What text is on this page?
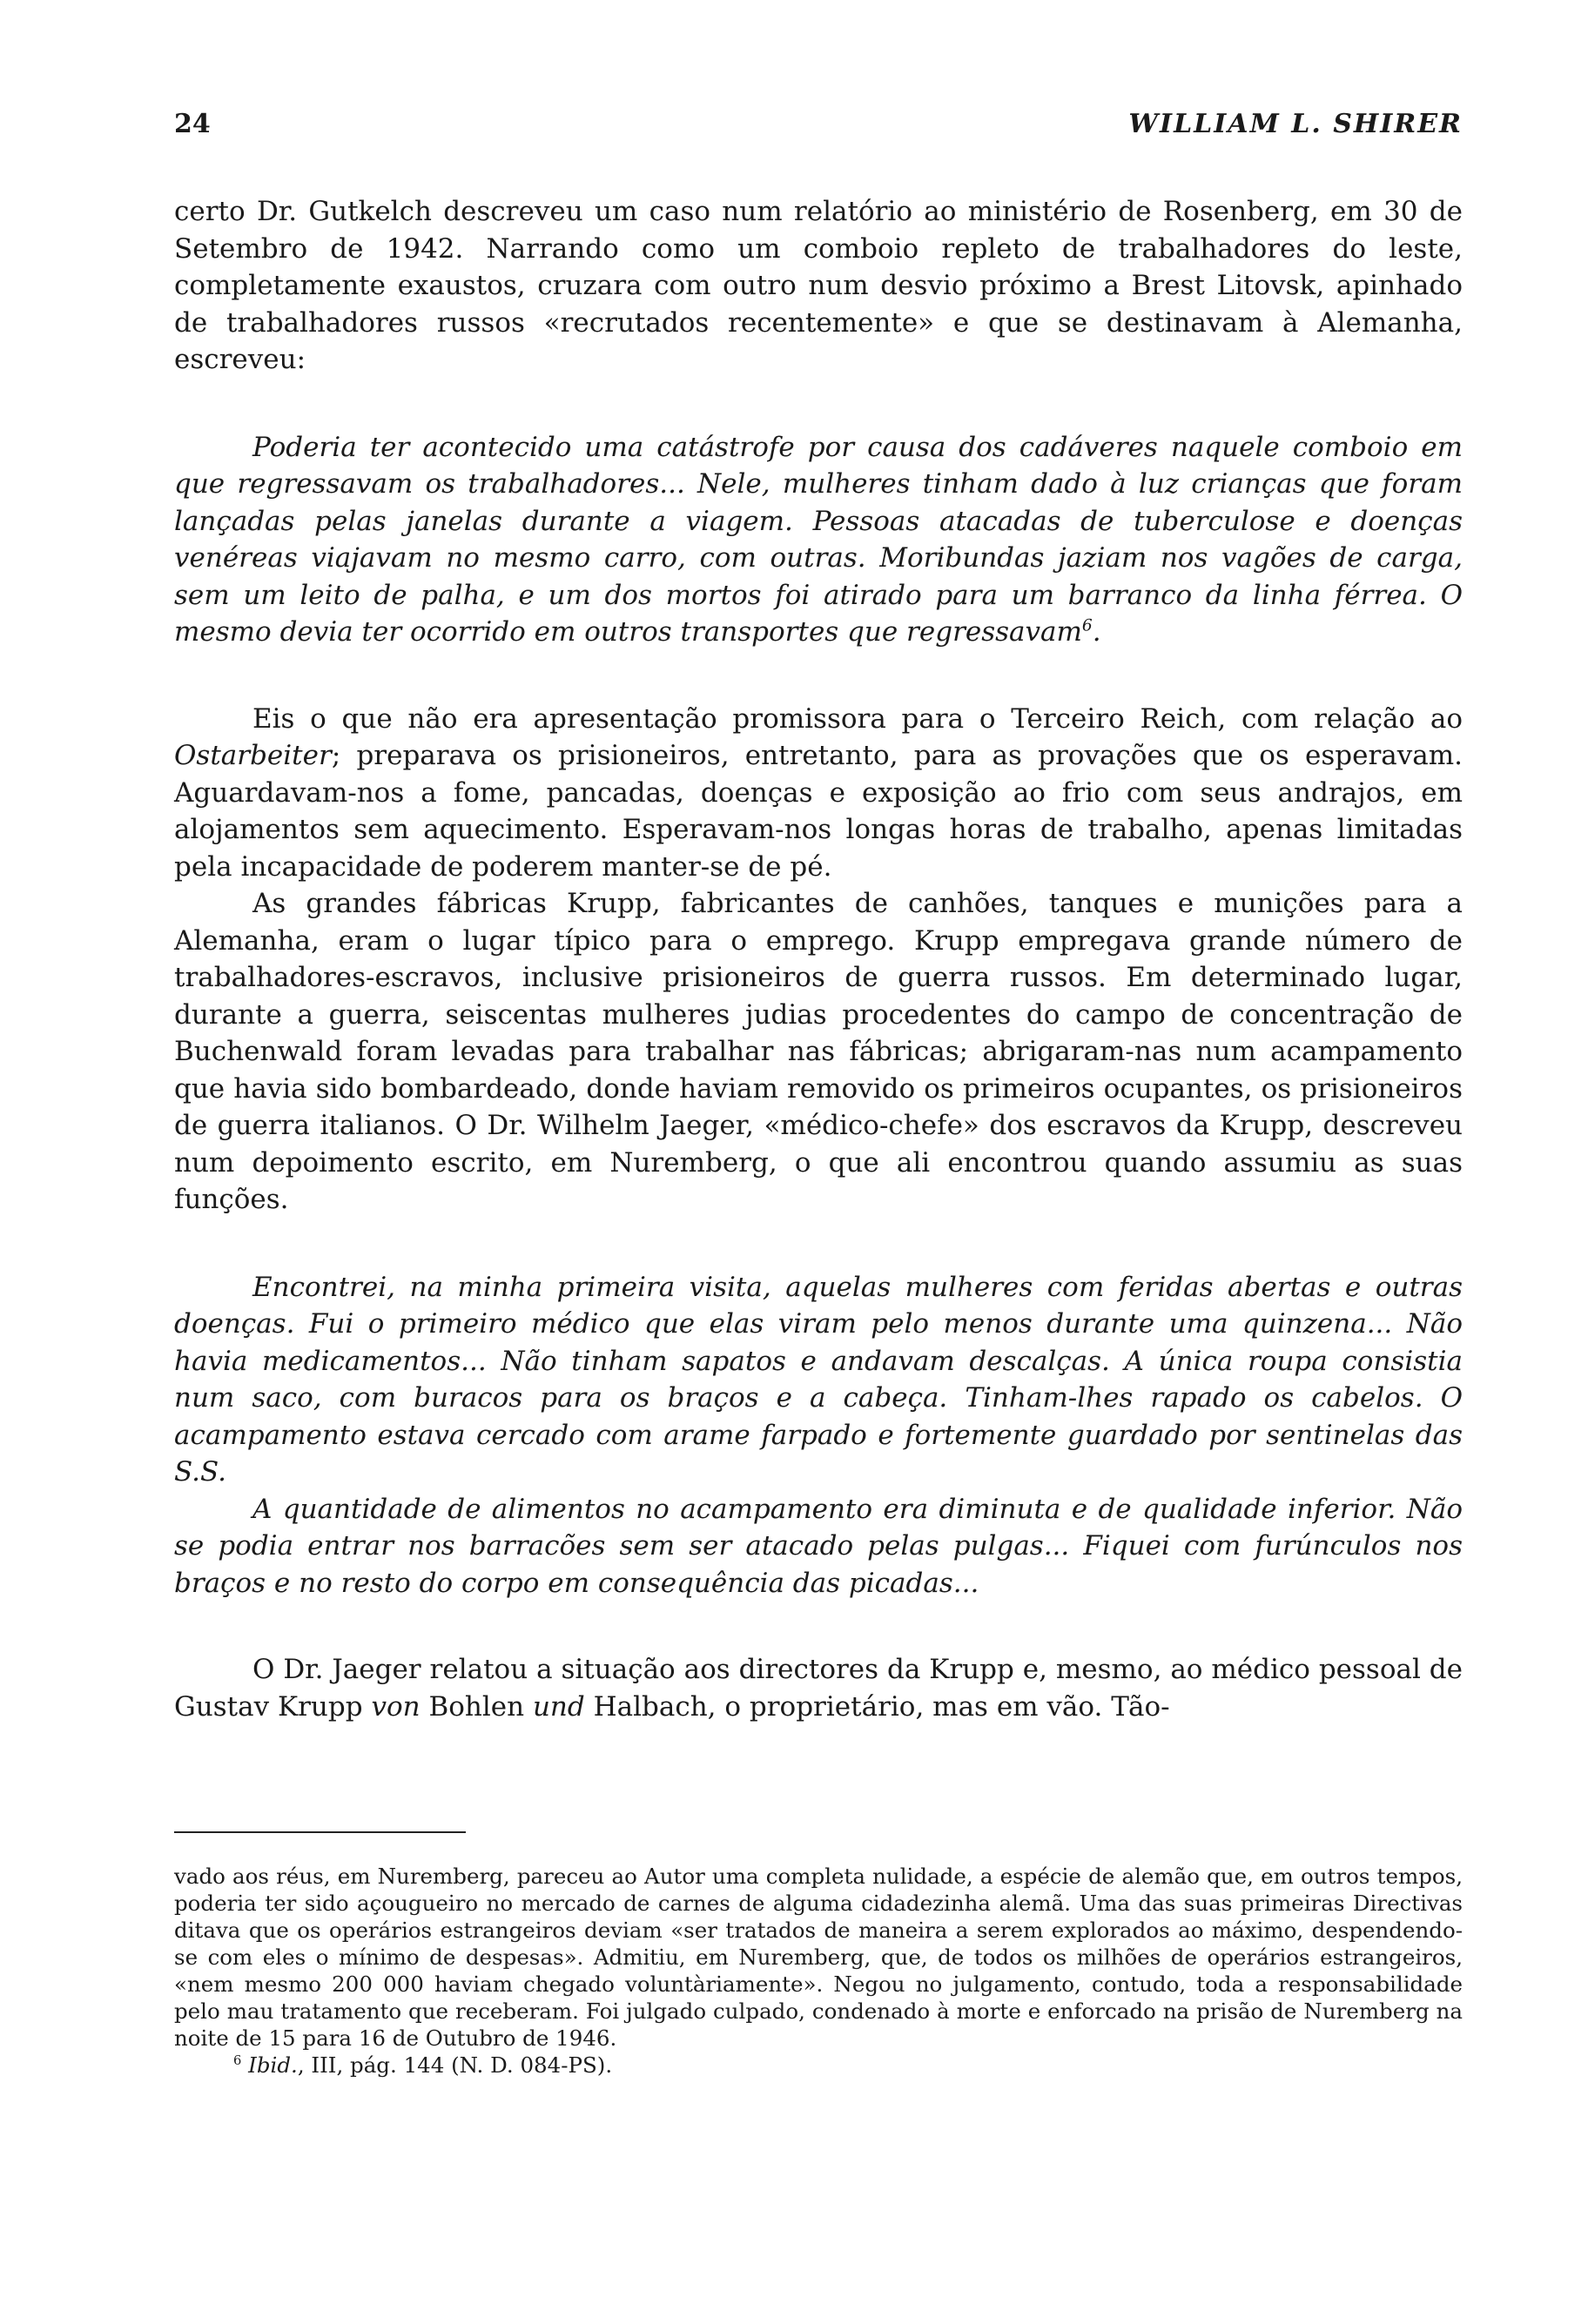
24	WILLIAM L. SHIRER

certo Dr. Gutkelch descreveu um caso num relatório ao ministério de Rosenberg, em 30 de Setembro de 1942. Narrando como um comboio repleto de trabalhadores do leste, completamente exaustos, cruzara com outro num desvio próximo a Brest Litovsk, apinhado de trabalhadores russos «recrutados recentemente» e que se destinavam à Alemanha, escreveu:

Poderia ter acontecido uma catástrofe por causa dos cadáveres naquele comboio em que regressavam os trabalhadores... Nele, mulheres tinham dado à luz crianças que foram lançadas pelas janelas durante a viagem. Pessoas atacadas de tuberculose e doenças venéreas viajavam no mesmo carro, com outras. Moribundas jaziam nos vagões de carga, sem um leito de palha, e um dos mortos foi atirado para um barranco da linha férrea. O mesmo devia ter ocorrido em outros transportes que regressavam$^6$.

Eis o que não era apresentação promissora para o Terceiro Reich, com relação ao Ostarbeiter; preparava os prisioneiros, entretanto, para as provações que os esperavam. Aguardavam-nos a fome, pancadas, doenças e exposição ao frio com seus andrajos, em alojamentos sem aquecimento. Esperavam-nos longas horas de trabalho, apenas limitadas pela incapacidade de poderem manter-se de pé.

As grandes fábricas Krupp, fabricantes de canhões, tanques e munições para a Alemanha, eram o lugar típico para o emprego. Krupp empregava grande número de trabalhadores-escravos, inclusive prisioneiros de guerra russos. Em determinado lugar, durante a guerra, seiscentas mulheres judias procedentes do campo de concentração de Buchenwald foram levadas para trabalhar nas fábricas; abrigaram-nas num acampamento que havia sido bombardeado, donde haviam removido os primeiros ocupantes, os prisioneiros de guerra italianos. O Dr. Wilhelm Jaeger, «médico-chefe» dos escravos da Krupp, descreveu num depoimento escrito, em Nuremberg, o que ali encontrou quando assumiu as suas funções.

Encontrei, na minha primeira visita, aquelas mulheres com feridas abertas e outras doenças. Fui o primeiro médico que elas viram pelo menos durante uma quinzena... Não havia medicamentos... Não tinham sapatos e andavam descalças. A única roupa consistia num saco, com buracos para os braços e a cabeça. Tinham-lhes rapado os cabelos. O acampamento estava cercado com arame farpado e fortemente guardado por sentinelas das S.S.

A quantidade de alimentos no acampamento era diminuta e de qualidade inferior. Não se podia entrar nos barracões sem ser atacado pelas pulgas... Fiquei com furúnculos nos braços e no resto do corpo em consequência das picadas...

O Dr. Jaeger relatou a situação aos directores da Krupp e, mesmo, ao médico pessoal de Gustav Krupp von Bohlen und Halbach, o proprietário, mas em vão. Tão-

vado aos réus, em Nuremberg, pareceu ao Autor uma completa nulidade, a espécie de alemão que, em outros tempos, poderia ter sido açougueiro no mercado de carnes de alguma cidadezinha alemã. Uma das suas primeiras Directivas ditava que os operários estrangeiros deviam «ser tratados de maneira a serem explorados ao máximo, despendendo-se com eles o mínimo de despesas». Admitiu, em Nuremberg, que, de todos os milhões de operários estrangeiros, «nem mesmo 200 000 haviam chegado voluntàriamente». Negou no julgamento, contudo, toda a responsabilidade pelo mau tratamento que receberam. Foi julgado culpado, condenado à morte e enforcado na prisão de Nuremberg na noite de 15 para 16 de Outubro de 1946.

$^6$ Ibid., III, pág. 144 (N. D. 084-PS).
